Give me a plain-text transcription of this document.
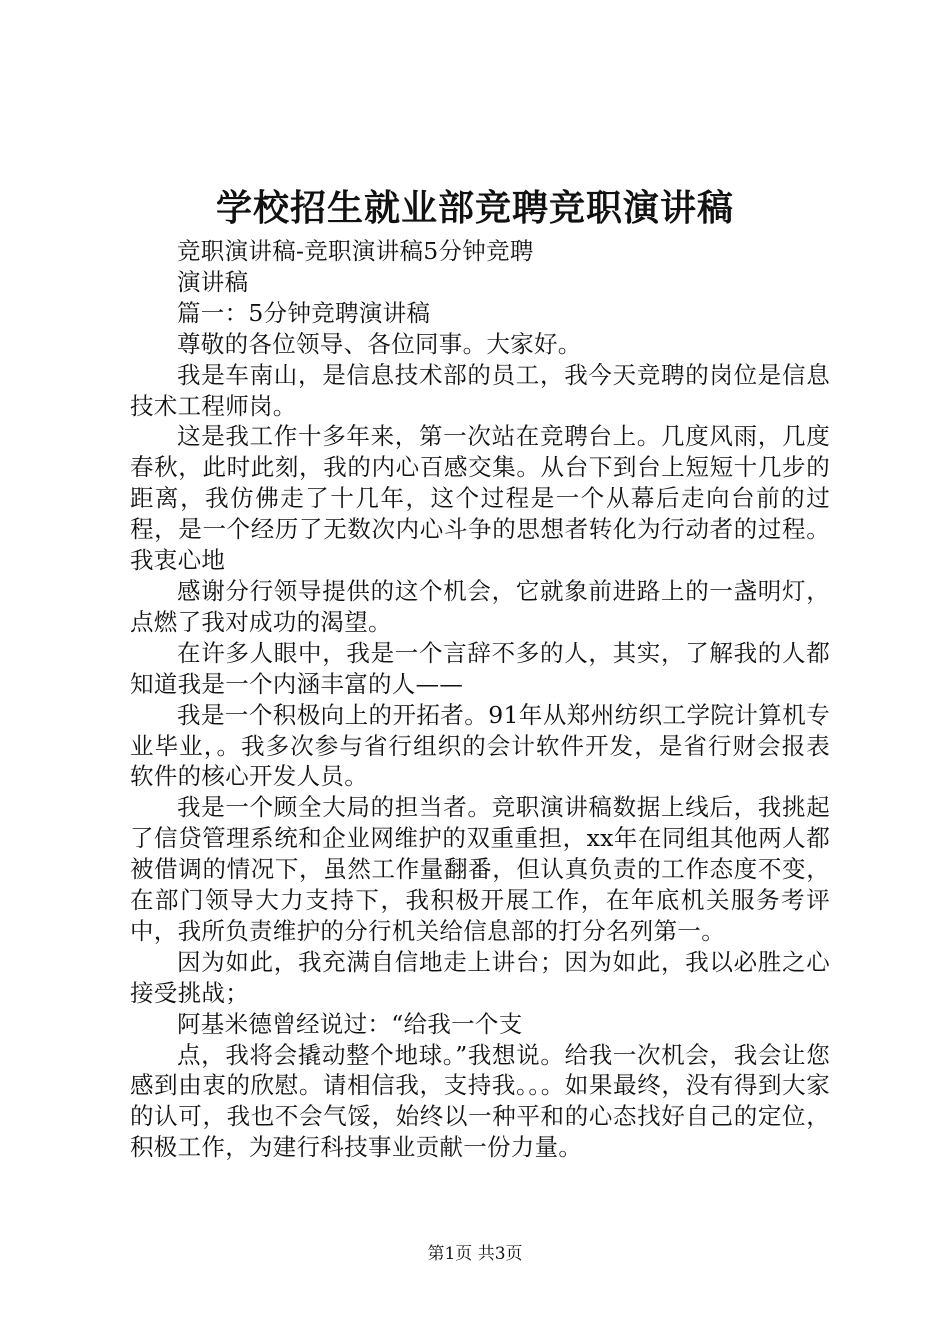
学校招生就业部竞聘竞职演讲稿

竞职演讲稿-竞职演讲稿5分钟竞聘

演讲稿

篇一：5分钟竞聘演讲稿

尊敬的各位领导、各位同事。大家好。

我是车南山，是信息技术部的员工，我今天竞聘的岗位是信息技术工程师岗。

这是我工作十多年来，第一次站在竞聘台上。几度风雨，几度春秋，此时此刻，我的内心百感交集。从台下到台上短短十几步的距离，我仿佛走了十几年，这个过程是一个从幕后走向台前的过程，是一个经历了无数次内心斗争的思想者转化为行动者的过程。我衷心地

感谢分行领导提供的这个机会，它就象前进路上的一盏明灯，点燃了我对成功的渴望。

在许多人眼中，我是一个言辞不多的人，其实，了解我的人都知道我是一个内涵丰富的人——

我是一个积极向上的开拓者。91年从郑州纺织工学院计算机专业毕业，。我多次参与省行组织的会计软件开发，是省行财会报表软件的核心开发人员。

我是一个顾全大局的担当者。竞职演讲稿数据上线后，我挑起了信贷管理系统和企业网维护的双重重担，xx年在同组其他两人都被借调的情况下，虽然工作量翻番，但认真负责的工作态度不变，在部门领导大力支持下，我积极开展工作，在年底机关服务考评中，我所负责维护的分行机关给信息部的打分名列第一。

因为如此，我充满自信地走上讲台；因为如此，我以必胜之心接受挑战；

阿基米德曾经说过：“给我一个支

点，我将会撬动整个地球。”我想说。给我一次机会，我会让您感到由衷的欣慰。请相信我，支持我。。。如果最终，没有得到大家的认可，我也不会气馁，始终以一种平和的心态找好自己的定位，积极工作，为建行科技事业贡献一份力量。

第1页 共3页
